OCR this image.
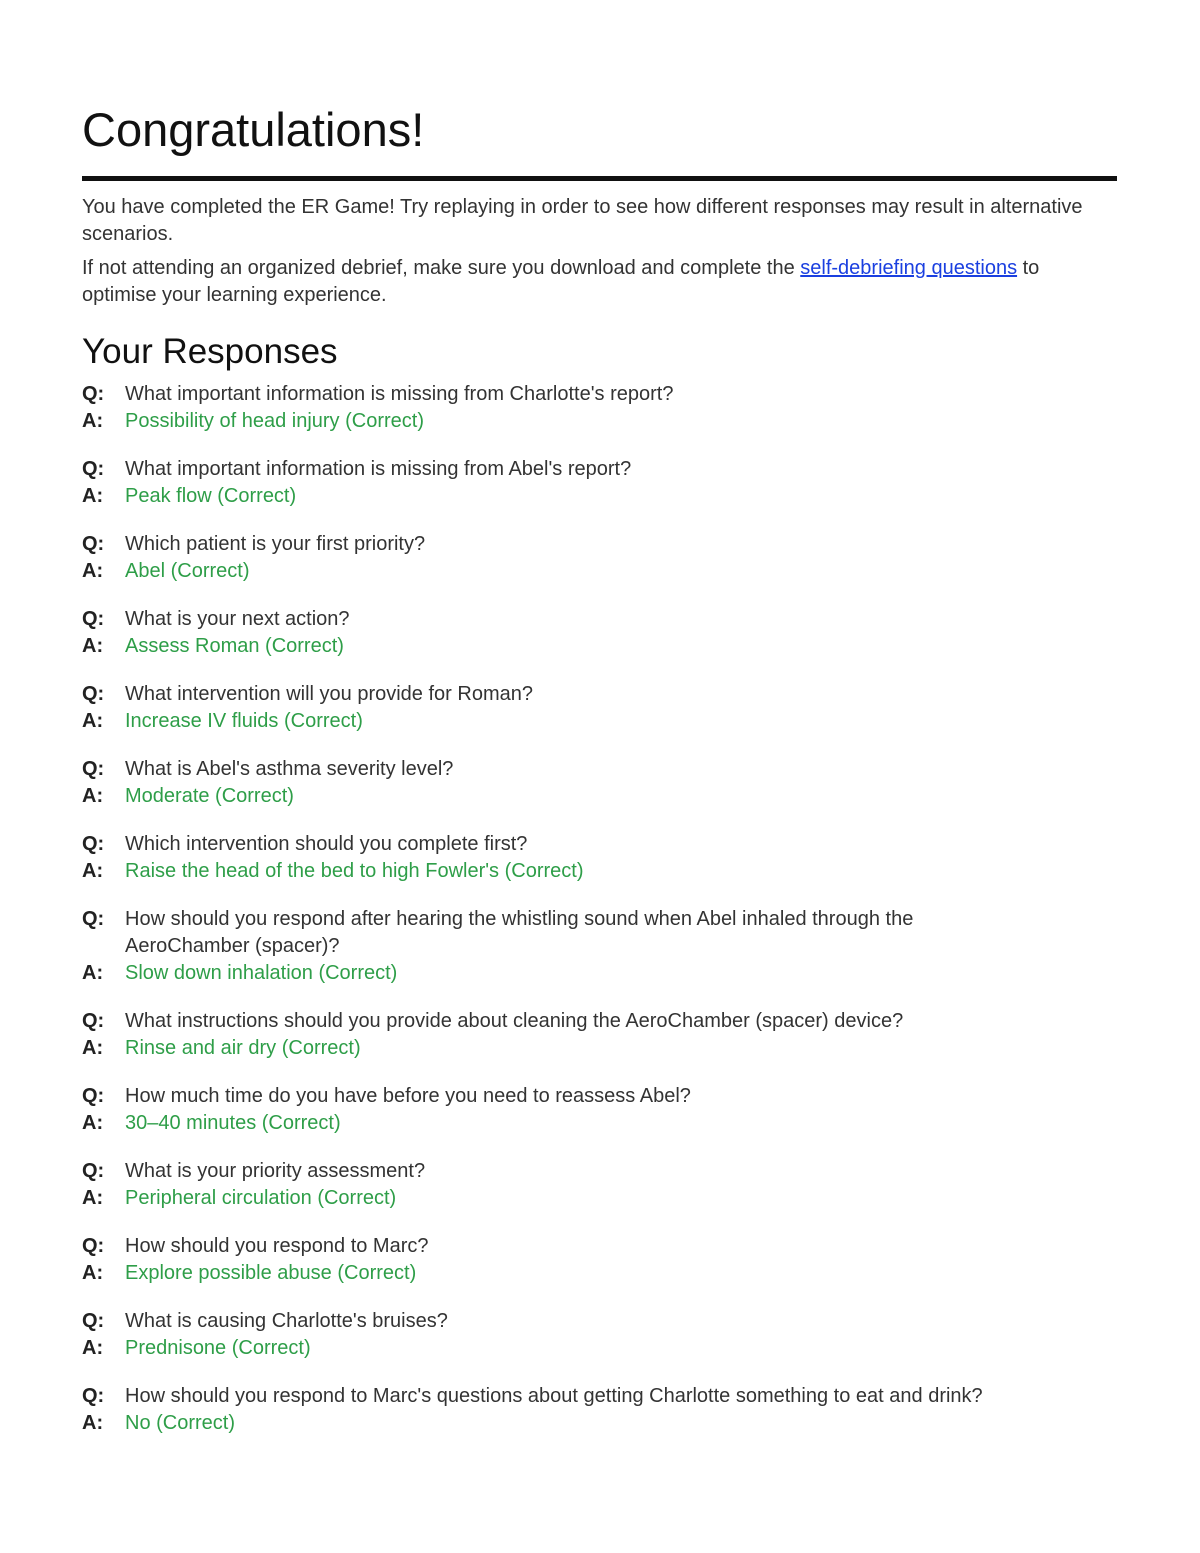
Congratulations!

You have completed the ER Game! Try replaying in order to see how different responses may result in alternative scenarios.

If not attending an organized debrief, make sure you download and complete the self-debriefing questions to optimise your learning experience.

Your Responses
Q:	What important information is missing from Charlotte's report?
A:	Possibility of head injury (Correct)
Q:	What important information is missing from Abel's report?
A:	Peak flow (Correct)
Q:	Which patient is your first priority?
A:	Abel (Correct)
Q:	What is your next action?
A:	Assess Roman (Correct)
Q:	What intervention will you provide for Roman?
A:	Increase IV fluids (Correct)
Q:	What is Abel's asthma severity level?
A:	Moderate (Correct)
Q:	Which intervention should you complete first?
A:	Raise the head of the bed to high Fowler's (Correct)
Q:	How should you respond after hearing the whistling sound when Abel inhaled through the AeroChamber (spacer)?
A:	Slow down inhalation (Correct)
Q:	What instructions should you provide about cleaning the AeroChamber (spacer) device?
A:	Rinse and air dry (Correct)
Q:	How much time do you have before you need to reassess Abel?
A:	30–40 minutes (Correct)
Q:	What is your priority assessment?
A:	Peripheral circulation (Correct)
Q:	How should you respond to Marc?
A:	Explore possible abuse (Correct)
Q:	What is causing Charlotte's bruises?
A:	Prednisone (Correct)
Q:	How should you respond to Marc's questions about getting Charlotte something to eat and drink?
A:	No (Correct)
